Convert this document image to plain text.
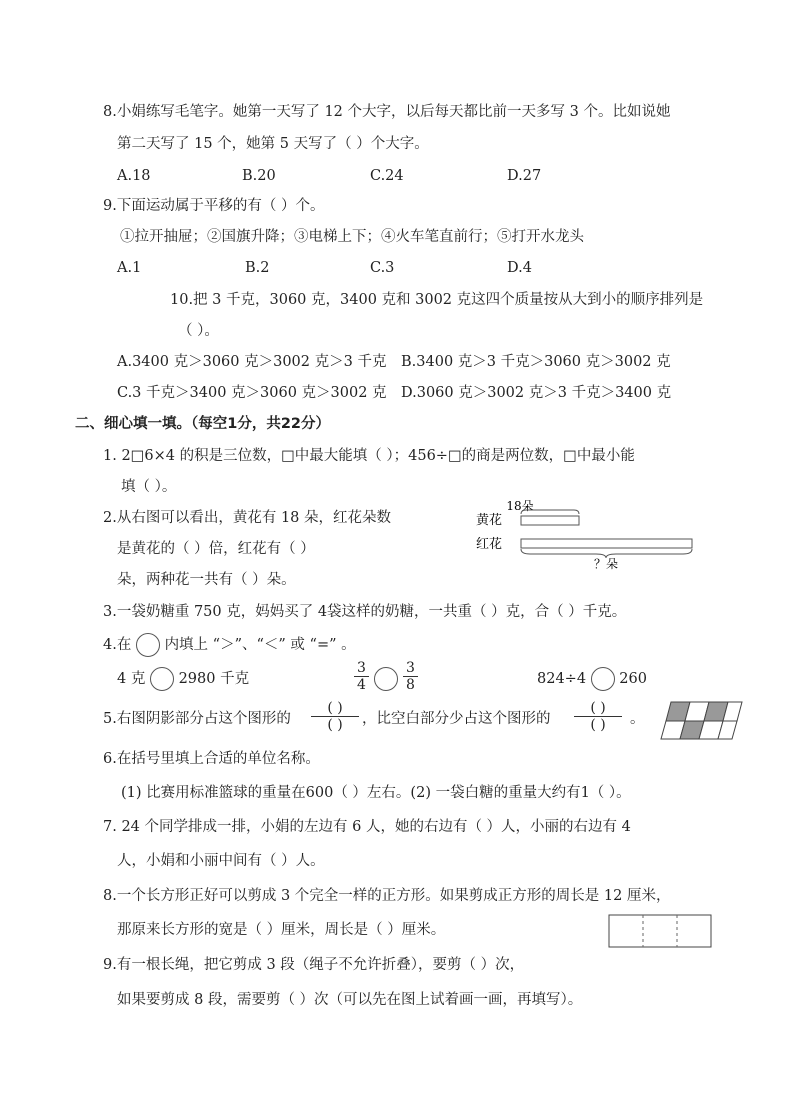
8.小娟练写毛笔字。她第一天写了 12 个大字，以后每天都比前一天多写 3 个。比如说她
第二天写了 15 个，她第 5 天写了（ ）个大字。
A.18	B.20	C.24	D.27
9.下面运动属于平移的有（ ）个。
①拉开抽屉；②国旗升降；③电梯上下；④火车笔直前行；⑤打开水龙头
A.1	B.2	C.3	D.4
10.把 3 千克，3060 克，3400 克和 3002 克这四个质量按从大到小的顺序排列是
（ ）。
A.3400 克＞3060 克＞3002 克＞3 千克 B.3400 克＞3 千克＞3060 克＞3002 克
C.3 千克＞3400 克＞3060 克＞3002 克 D.3060 克＞3002 克＞3 千克＞3400 克
二、细心填一填。（每空1分，共22分）
1. 2□6×4 的积是三位数，□中最大能填（ ）；456÷□的商是两位数，□中最小能
填（ ）。
2.从右图可以看出，黄花有 18 朵，红花朵数
是黄花的（ ）倍，红花有（ ）
朵，两种花一共有（ ）朵。
18朵
黄花
红花
？朵
3.一袋奶糖重 750 克，妈妈买了 4袋这样的奶糖，一共重（ ）克，合（ ）千克。
4.在 内填上 “＞”、“＜” 或 “=” 。
4 克 2980 千克	$\frac{3}{4} \frac{3}{8}$	824÷4 260
5.右图阴影部分占这个图形的
( )
( )	，比空白部分少占这个图形的
( )
( )	。
6.在括号里填上合适的单位名称。
(1) 比赛用标准篮球的重量在600（ ）左右。(2) 一袋白糖的重量大约有1（ ）。
7. 24 个同学排成一排，小娟的左边有 6 人，她的右边有（ ）人，小丽的右边有 4
人，小娟和小丽中间有（ ）人。
8.一个长方形正好可以剪成 3 个完全一样的正方形。如果剪成正方形的周长是 12 厘米，
那原来长方形的宽是（ ）厘米，周长是（ ）厘米。
9.有一根长绳，把它剪成 3 段（绳子不允许折叠），要剪（ ）次，
如果要剪成 8 段，需要剪（ ）次（可以先在图上试着画一画，再填写）。
